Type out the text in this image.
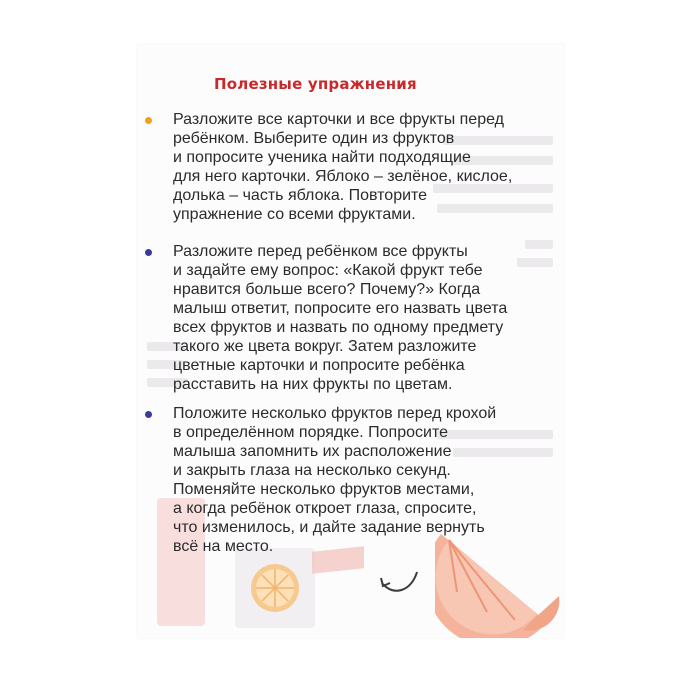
Полезные упражнения

Разложите все карточки и все фрукты перед
ребёнком. Выберите один из фруктов
и попросите ученика найти подходящие
для него карточки. Яблоко – зелёное, кислое,
долька – часть яблока. Повторите
упражнение со всеми фруктами.

Разложите перед ребёнком все фрукты
и задайте ему вопрос: «Какой фрукт тебе
нравится больше всего? Почему?» Когда
малыш ответит, попросите его назвать цвета
всех фруктов и назвать по одному предмету
такого же цвета вокруг. Затем разложите
цветные карточки и попросите ребёнка
расставить на них фрукты по цветам.

Положите несколько фруктов перед крохой
в определённом порядке. Попросите
малыша запомнить их расположение
и закрыть глаза на несколько секунд.
Поменяйте несколько фруктов местами,
а когда ребёнок откроет глаза, спросите,
что изменилось, и дайте задание вернуть
всё на место.
